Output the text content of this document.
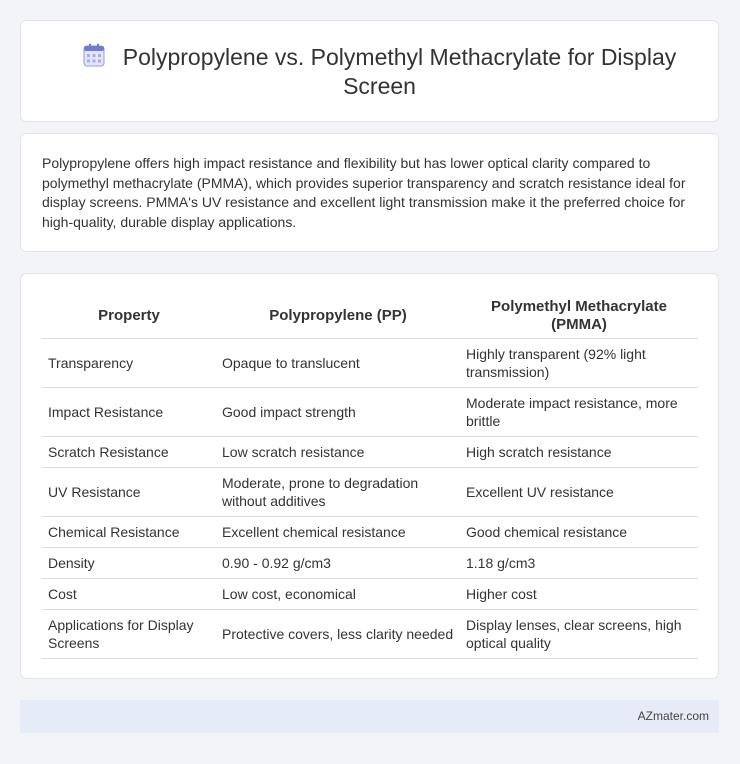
Polypropylene vs. Polymethyl Methacrylate for Display Screen

Polypropylene offers high impact resistance and flexibility but has lower optical clarity compared to polymethyl methacrylate (PMMA), which provides superior transparency and scratch resistance ideal for display screens. PMMA's UV resistance and excellent light transmission make it the preferred choice for high-quality, durable display applications.

Property	Polypropylene (PP)	Polymethyl Methacrylate (PMMA)
Transparency	Opaque to translucent	Highly transparent (92% light transmission)
Impact Resistance	Good impact strength	Moderate impact resistance, more brittle
Scratch Resistance	Low scratch resistance	High scratch resistance
UV Resistance	Moderate, prone to degradation without additives	Excellent UV resistance
Chemical Resistance	Excellent chemical resistance	Good chemical resistance
Density	0.90 - 0.92 g/cm3	1.18 g/cm3
Cost	Low cost, economical	Higher cost
Applications for Display Screens	Protective covers, less clarity needed	Display lenses, clear screens, high optical quality
AZmater.com
